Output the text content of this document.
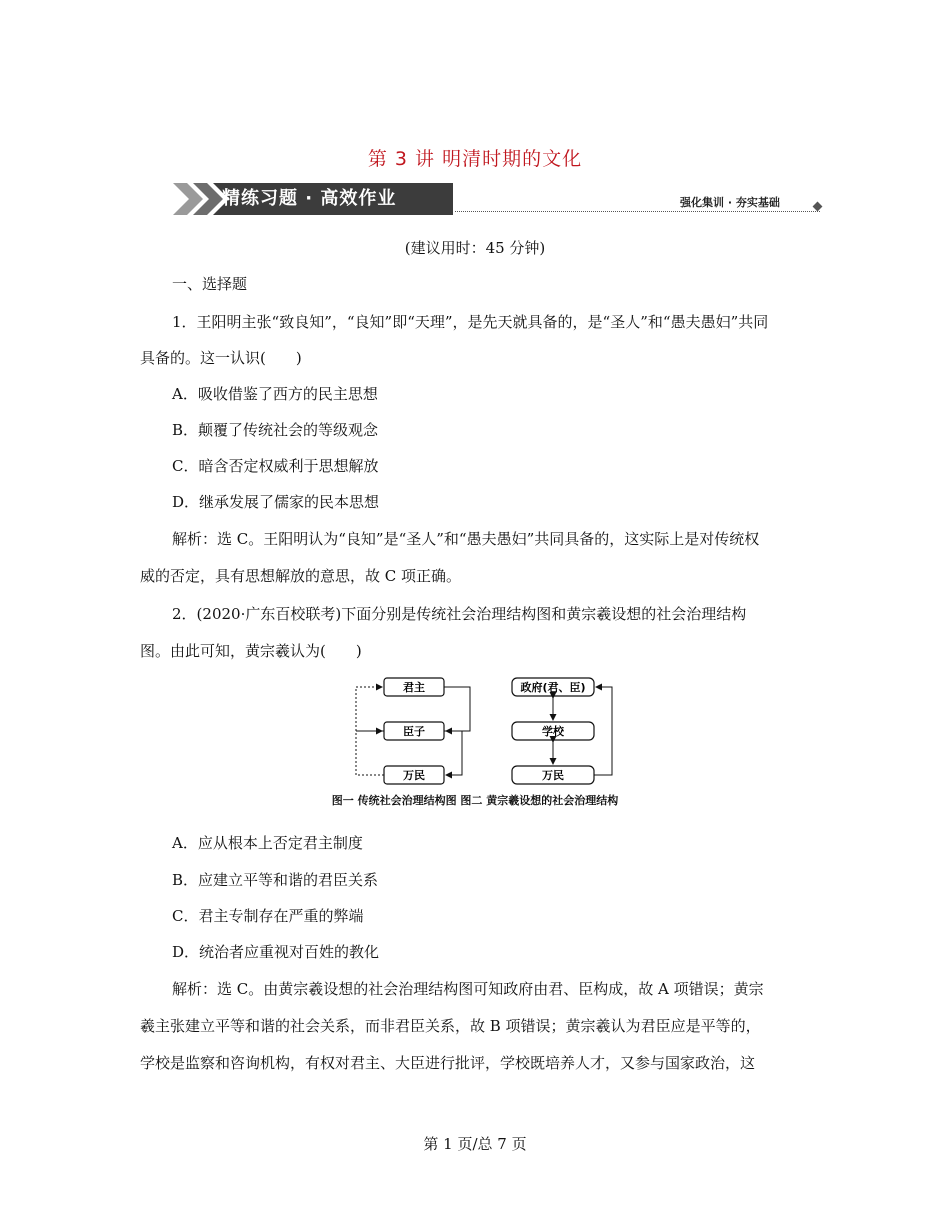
第 3 讲 明清时期的文化
精练习题 · 高效作业	强化集训 · 夯实基础
(建议用时：45 分钟)
一、选择题
1．王阳明主张“致良知”，“良知”即“天理”，是先天就具备的，是“圣人”和“愚夫愚妇”共同
具备的。这一认识(　　)
A．吸收借鉴了西方的民主思想
B．颠覆了传统社会的等级观念
C．暗含否定权威利于思想解放
D．继承发展了儒家的民本思想
解析：选 C。王阳明认为“良知”是“圣人”和“愚夫愚妇”共同具备的，这实际上是对传统权
威的否定，具有思想解放的意思，故 C 项正确。
2．(2020·广东百校联考)下面分别是传统社会治理结构图和黄宗羲设想的社会治理结构
图。由此可知，黄宗羲认为(　　)
君主
臣子
万民
政府(君、臣)
学校
万民
图一 传统社会治理结构图 图二 黄宗羲设想的社会治理结构
A．应从根本上否定君主制度
B．应建立平等和谐的君臣关系
C．君主专制存在严重的弊端
D．统治者应重视对百姓的教化
解析：选 C。由黄宗羲设想的社会治理结构图可知政府由君、臣构成，故 A 项错误；黄宗
羲主张建立平等和谐的社会关系，而非君臣关系，故 B 项错误；黄宗羲认为君臣应是平等的，
学校是监察和咨询机构，有权对君主、大臣进行批评，学校既培养人才，又参与国家政治，这
第 1 页/总 7 页
